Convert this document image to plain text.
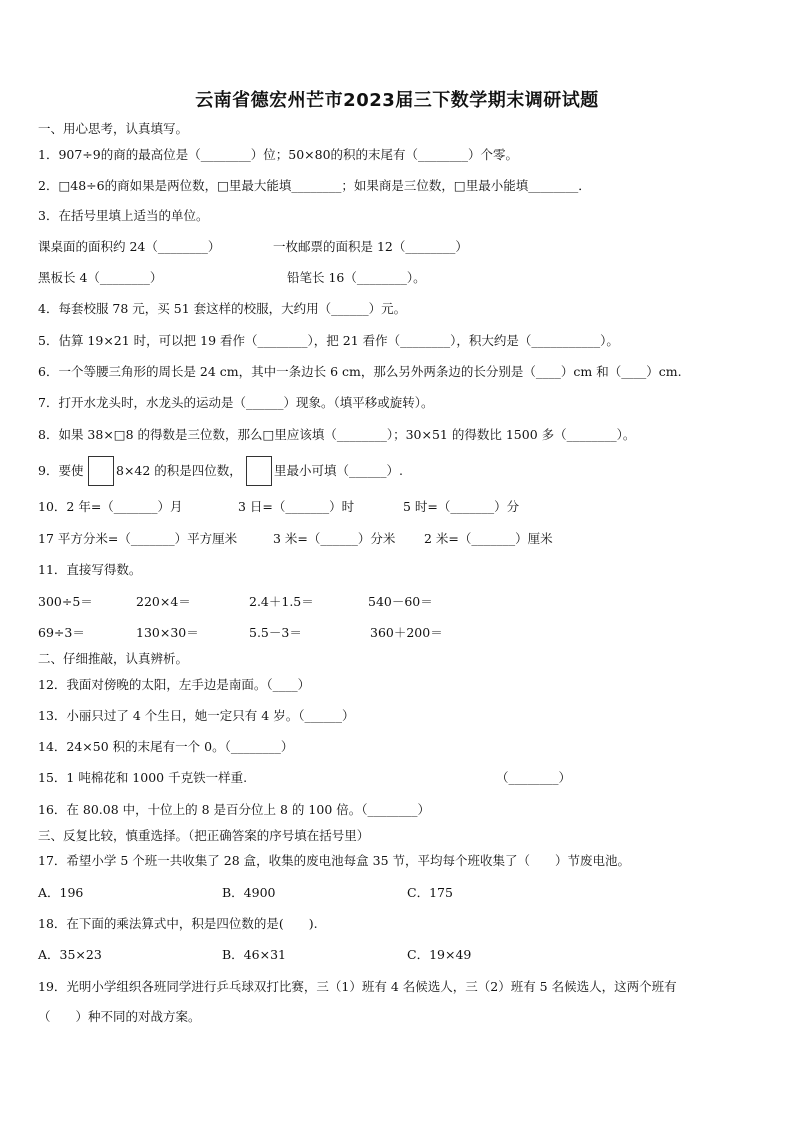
云南省德宏州芒市2023届三下数学期末调研试题
一、用心思考，认真填写。
1．907÷9的商的最高位是（________）位；50×80的积的末尾有（________）个零。
2．□48÷6的商如果是两位数，□里最大能填________；如果商是三位数，□里最小能填________．
3．在括号里填上适当的单位。
课桌面的面积约 24（________）	一枚邮票的面积是 12（________）
黑板长 4（________）	铅笔长 16（________）。
4．每套校服 78 元，买 51 套这样的校服，大约用（______）元。
5．估算 19×21 时，可以把 19 看作（________），把 21 看作（________），积大约是（___________）。
6．一个等腰三角形的周长是 24 cm，其中一条边长 6 cm，那么另外两条边的长分别是（____）cm 和（____）cm.
7．打开水龙头时，水龙头的运动是（______）现象。（填平移或旋转）。
8．如果 38×□8 的得数是三位数，那么□里应该填（________）；30×51 的得数比 1500 多（________）。
9．要使	8×42 的积是四位数，	里最小可填（______）.
10．2 年=（_______）月	3 日=（_______）时	5 时=（_______）分
17 平方分米=（_______）平方厘米	3 米=（______）分米 2 米=（_______）厘米
11．直接写得数。
300÷5＝	220×4＝	2.4＋1.5＝	540－60＝
69÷3＝	130×30＝	5.5－3＝	360＋200＝
二、仔细推敲，认真辨析。
12．我面对傍晚的太阳，左手边是南面。（____）
13．小丽只过了 4 个生日，她一定只有 4 岁。（______）
14．24×50 积的末尾有一个 0。（________）
15．1 吨棉花和 1000 千克铁一样重.	（________）
16．在 80.08 中，十位上的 8 是百分位上 8 的 100 倍。（________）
三、反复比较，慎重选择。（把正确答案的序号填在括号里）
17．希望小学 5 个班一共收集了 28 盒，收集的废电池每盒 35 节，平均每个班收集了（　　）节废电池。
A．196	B．4900	C．175
18．在下面的乘法算式中，积是四位数的是(　　).
A．35×23	B．46×31	C．19×49
19．光明小学组织各班同学进行乒乓球双打比赛，三（1）班有 4 名候选人，三（2）班有 5 名候选人，这两个班有
（　　）种不同的对战方案。
